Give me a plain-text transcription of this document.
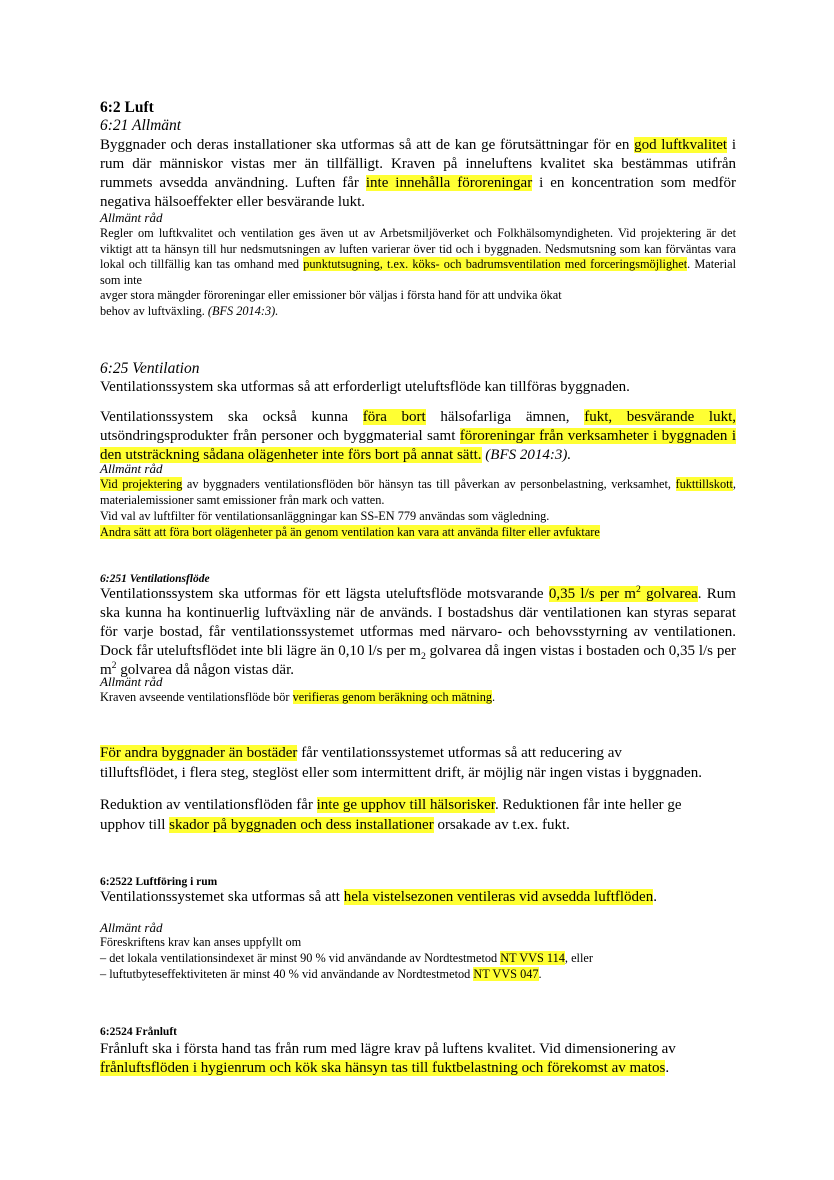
6:2 Luft
6:21 Allmänt

Byggnader och deras installationer ska utformas så att de kan ge förutsättningar för en god luftkvalitet i rum där människor vistas mer än tillfälligt. Kraven på inneluftens kvalitet ska bestämmas utifrån rummets avsedda användning. Luften får inte innehålla föroreningar i en koncentration som medför negativa hälsoeffekter eller besvärande lukt.

Allmänt råd

Regler om luftkvalitet och ventilation ges även ut av Arbetsmiljöverket och Folkhälsomyndigheten. Vid projektering är det viktigt att ta hänsyn till hur nedsmutsningen av luften varierar över tid och i byggnaden. Nedsmutsning som kan förväntas vara lokal och tillfällig kan tas omhand med punktutsugning, t.ex. köks- och badrumsventilation med forceringsmöjlighet. Material som inte

avger stora mängder föroreningar eller emissioner bör väljas i första hand för att undvika ökat
behov av luftväxling. (BFS 2014:3).
6:25 Ventilation
Ventilationssystem ska utformas så att erforderligt uteluftsflöde kan tillföras byggnaden.

Ventilationssystem ska också kunna föra bort hälsofarliga ämnen, fukt, besvärande lukt, utsöndringsprodukter från personer och byggmaterial samt föroreningar från verksamheter i byggnaden i den utsträckning sådana olägenheter inte förs bort på annat sätt. (BFS 2014:3).

Allmänt råd

Vid projektering av byggnaders ventilationsflöden bör hänsyn tas till påverkan av personbelastning, verksamhet, fukttillskott, materialemissioner samt emissioner från mark och vatten.

Vid val av luftfilter för ventilationsanläggningar kan SS-EN 779 användas som vägledning.
Andra sätt att föra bort olägenheter på än genom ventilation kan vara att använda filter eller avfuktare
6:251 Ventilationsflöde

Ventilationssystem ska utformas för ett lägsta uteluftsflöde motsvarande 0,35 l/s per $m^2$ golvarea. Rum ska kunna ha kontinuerlig luftväxling när de används. I bostadshus där ventilationen kan styras separat för varje bostad, får ventilationssystemet utformas med närvaro- och behovsstyrning av ventilationen. Dock får uteluftsflödet inte bli lägre än 0,10 l/s per $m_2$ golvarea då ingen vistas i bostaden och 0,35 l/s per $m^2$ golvarea då någon vistas där.

Allmänt råd
Kraven avseende ventilationsflöde bör verifieras genom beräkning och mätning.
För andra byggnader än bostäder får ventilationssystemet utformas så att reducering av
tilluftsflödet, i flera steg, steglöst eller som intermittent drift, är möjlig när ingen vistas i byggnaden.
Reduktion av ventilationsflöden får inte ge upphov till hälsorisker. Reduktionen får inte heller ge
upphov till skador på byggnaden och dess installationer orsakade av t.ex. fukt.
6:2522 Luftföring i rum
Ventilationssystemet ska utformas så att hela vistelsezonen ventileras vid avsedda luftflöden.
Allmänt råd
Föreskriftens krav kan anses uppfyllt om
– det lokala ventilationsindexet är minst 90 % vid användande av Nordtestmetod NT VVS 114, eller
– luftutbyteseffektiviteten är minst 40 % vid användande av Nordtestmetod NT VVS 047.
6:2524 Frånluft
Frånluft ska i första hand tas från rum med lägre krav på luftens kvalitet. Vid dimensionering av
frånluftsflöden i hygienrum och kök ska hänsyn tas till fuktbelastning och förekomst av matos.
